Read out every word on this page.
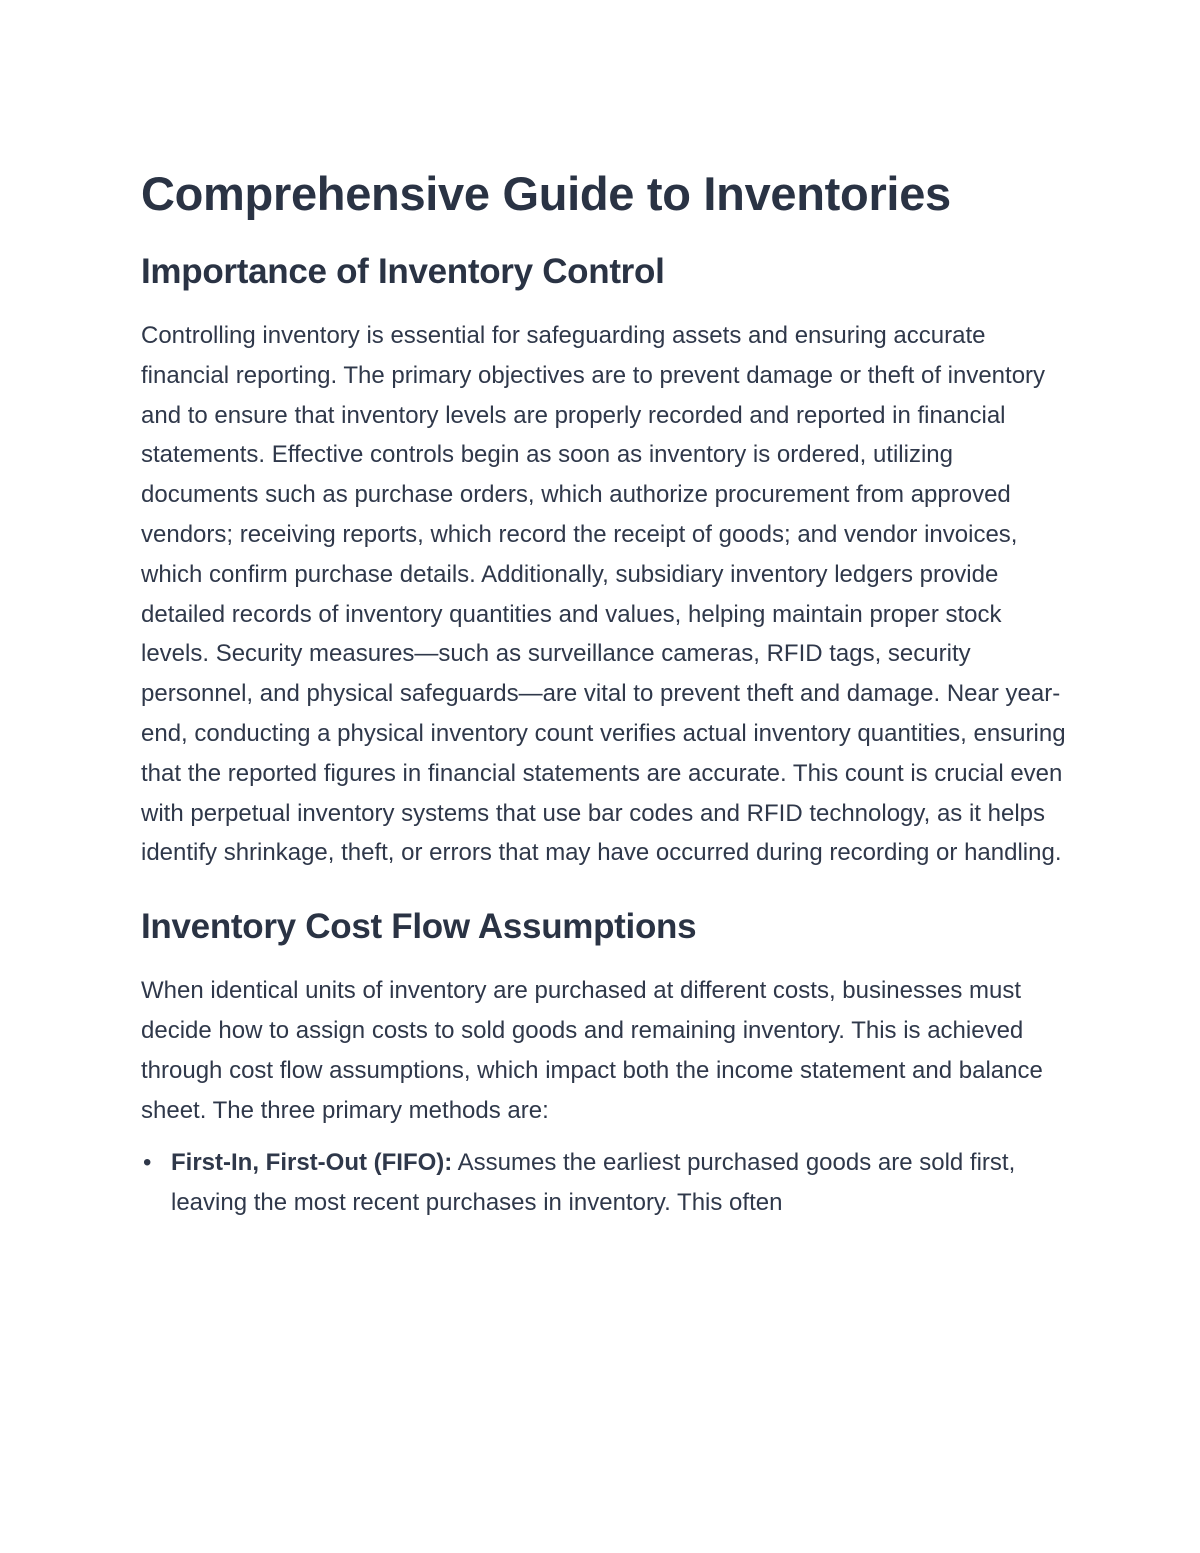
Comprehensive Guide to Inventories
Importance of Inventory Control

Controlling inventory is essential for safeguarding assets and ensuring accurate financial reporting. The primary objectives are to prevent damage or theft of inventory and to ensure that inventory levels are properly recorded and reported in financial statements. Effective controls begin as soon as inventory is ordered, utilizing documents such as purchase orders, which authorize procurement from approved vendors; receiving reports, which record the receipt of goods; and vendor invoices, which confirm purchase details. Additionally, subsidiary inventory ledgers provide detailed records of inventory quantities and values, helping maintain proper stock levels. Security measures—such as surveillance cameras, RFID tags, security personnel, and physical safeguards—are vital to prevent theft and damage. Near year-end, conducting a physical inventory count verifies actual inventory quantities, ensuring that the reported figures in financial statements are accurate. This count is crucial even with perpetual inventory systems that use bar codes and RFID technology, as it helps identify shrinkage, theft, or errors that may have occurred during recording or handling.

Inventory Cost Flow Assumptions

When identical units of inventory are purchased at different costs, businesses must decide how to assign costs to sold goods and remaining inventory. This is achieved through cost flow assumptions, which impact both the income statement and balance sheet. The three primary methods are:

• First-In, First-Out (FIFO): Assumes the earliest purchased goods are sold first, leaving the most recent purchases in inventory. This often
